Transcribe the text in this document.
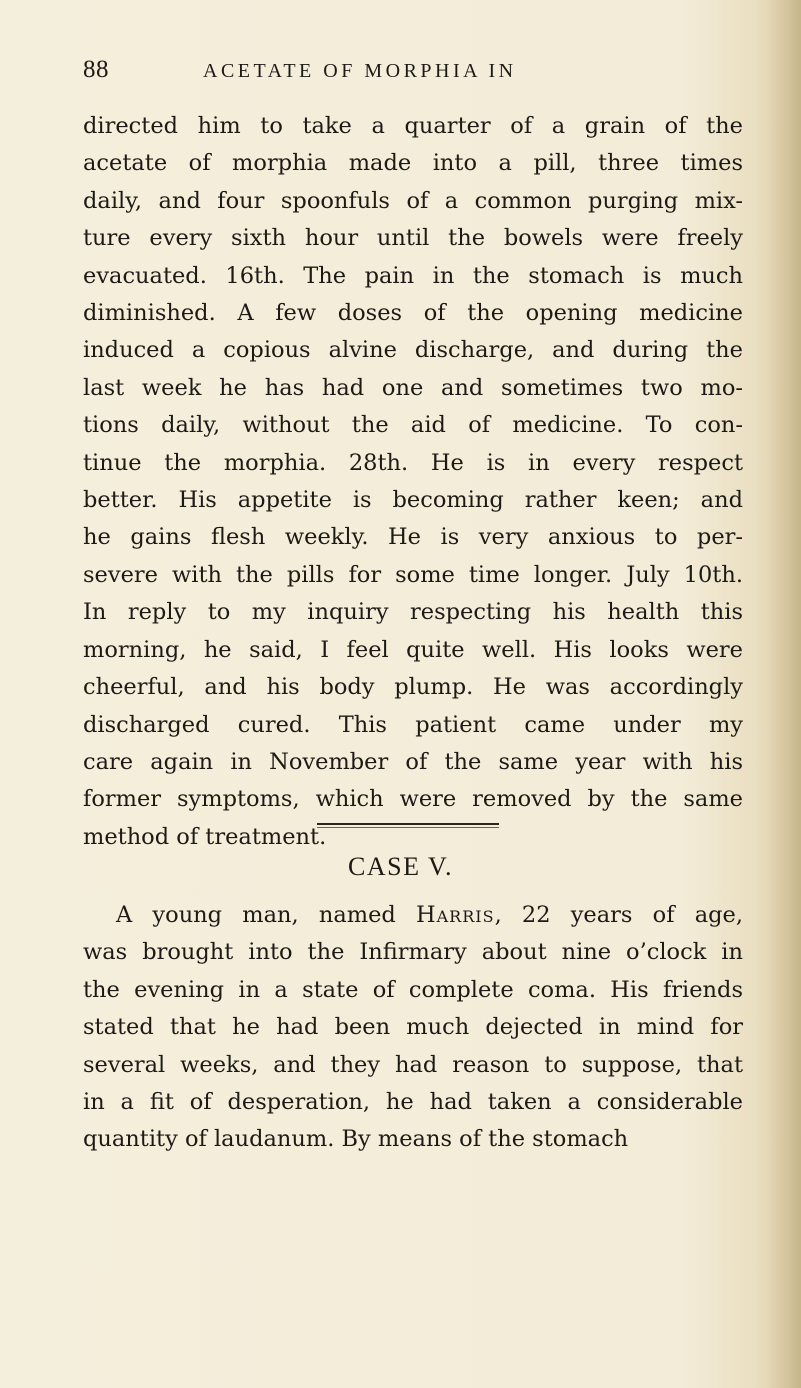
88	ACETATE OF MORPHIA IN
directed him to take a quarter of a grain of the
acetate of morphia made into a pill, three times
daily, and four spoonfuls of a common purging mix-
ture every sixth hour until the bowels were freely
evacuated. 16th. The pain in the stomach is much
diminished. A few doses of the opening medicine
induced a copious alvine discharge, and during the
last week he has had one and sometimes two mo-
tions daily, without the aid of medicine. To con-
tinue the morphia. 28th. He is in every respect
better. His appetite is becoming rather keen; and
he gains flesh weekly. He is very anxious to per-
severe with the pills for some time longer. July 10th.
In reply to my inquiry respecting his health this
morning, he said, I feel quite well. His looks were
cheerful, and his body plump. He was accordingly
discharged cured. This patient came under my
care again in November of the same year with his
former symptoms, which were removed by the same
method of treatment.
CASE V.
A young man, named Harris, 22 years of age,
was brought into the Infirmary about nine o’clock in
the evening in a state of complete coma. His friends
stated that he had been much dejected in mind for
several weeks, and they had reason to suppose, that
in a fit of desperation, he had taken a considerable
quantity of laudanum. By means of the stomach
